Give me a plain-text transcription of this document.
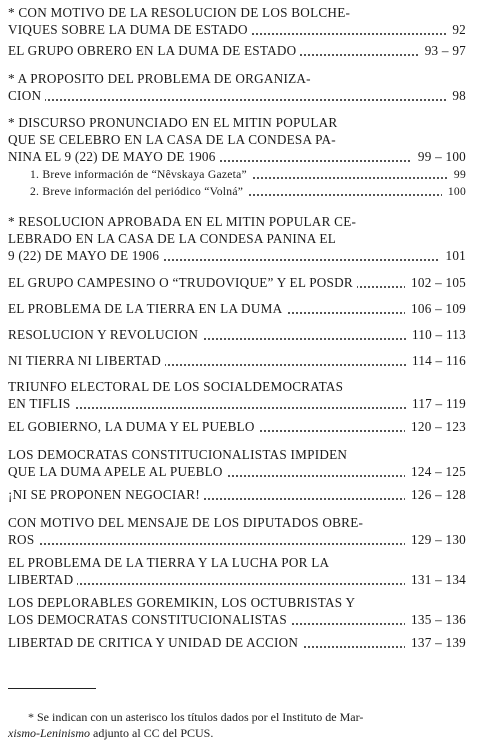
* CON MOTIVO DE LA RESOLUCION DE LOS BOLCHE-
VIQUES SOBRE LA DUMA DE ESTADO	92
EL GRUPO OBRERO EN LA DUMA DE ESTADO	93 – 97
* A PROPOSITO DEL PROBLEMA DE ORGANIZA-
CION	98
* DISCURSO PRONUNCIADO EN EL MITIN POPULAR
QUE SE CELEBRO EN LA CASA DE LA CONDESA PA-
NINA EL 9 (22) DE MAYO DE 1906	99 – 100
1. Breve información de “Nêvskaya Gazeta”	99
2. Breve información del periódico “Volná”	100
* RESOLUCION APROBADA EN EL MITIN POPULAR CE-
LEBRADO EN LA CASA DE LA CONDESA PANINA EL
9 (22) DE MAYO DE 1906	101
EL GRUPO CAMPESINO O “TRUDOVIQUE” Y EL POSDR	102 – 105
EL PROBLEMA DE LA TIERRA EN LA DUMA	106 – 109
RESOLUCION Y REVOLUCION	110 – 113
NI TIERRA NI LIBERTAD	114 – 116
TRIUNFO ELECTORAL DE LOS SOCIALDEMOCRATAS
EN TIFLIS	117 – 119
EL GOBIERNO, LA DUMA Y EL PUEBLO	120 – 123
LOS DEMOCRATAS CONSTITUCIONALISTAS IMPIDEN
QUE LA DUMA APELE AL PUEBLO	124 – 125
¡NI SE PROPONEN NEGOCIAR!	126 – 128
CON MOTIVO DEL MENSAJE DE LOS DIPUTADOS OBRE-
ROS	129 – 130
EL PROBLEMA DE LA TIERRA Y LA LUCHA POR LA
LIBERTAD	131 – 134
LOS DEPLORABLES GOREMIKIN, LOS OCTUBRISTAS Y
LOS DEMOCRATAS CONSTITUCIONALISTAS	135 – 136
LIBERTAD DE CRITICA Y UNIDAD DE ACCION	137 – 139
* Se indican con un asterisco los títulos dados por el Instituto de Mar-
xismo-Leninismo adjunto al CC del PCUS.
